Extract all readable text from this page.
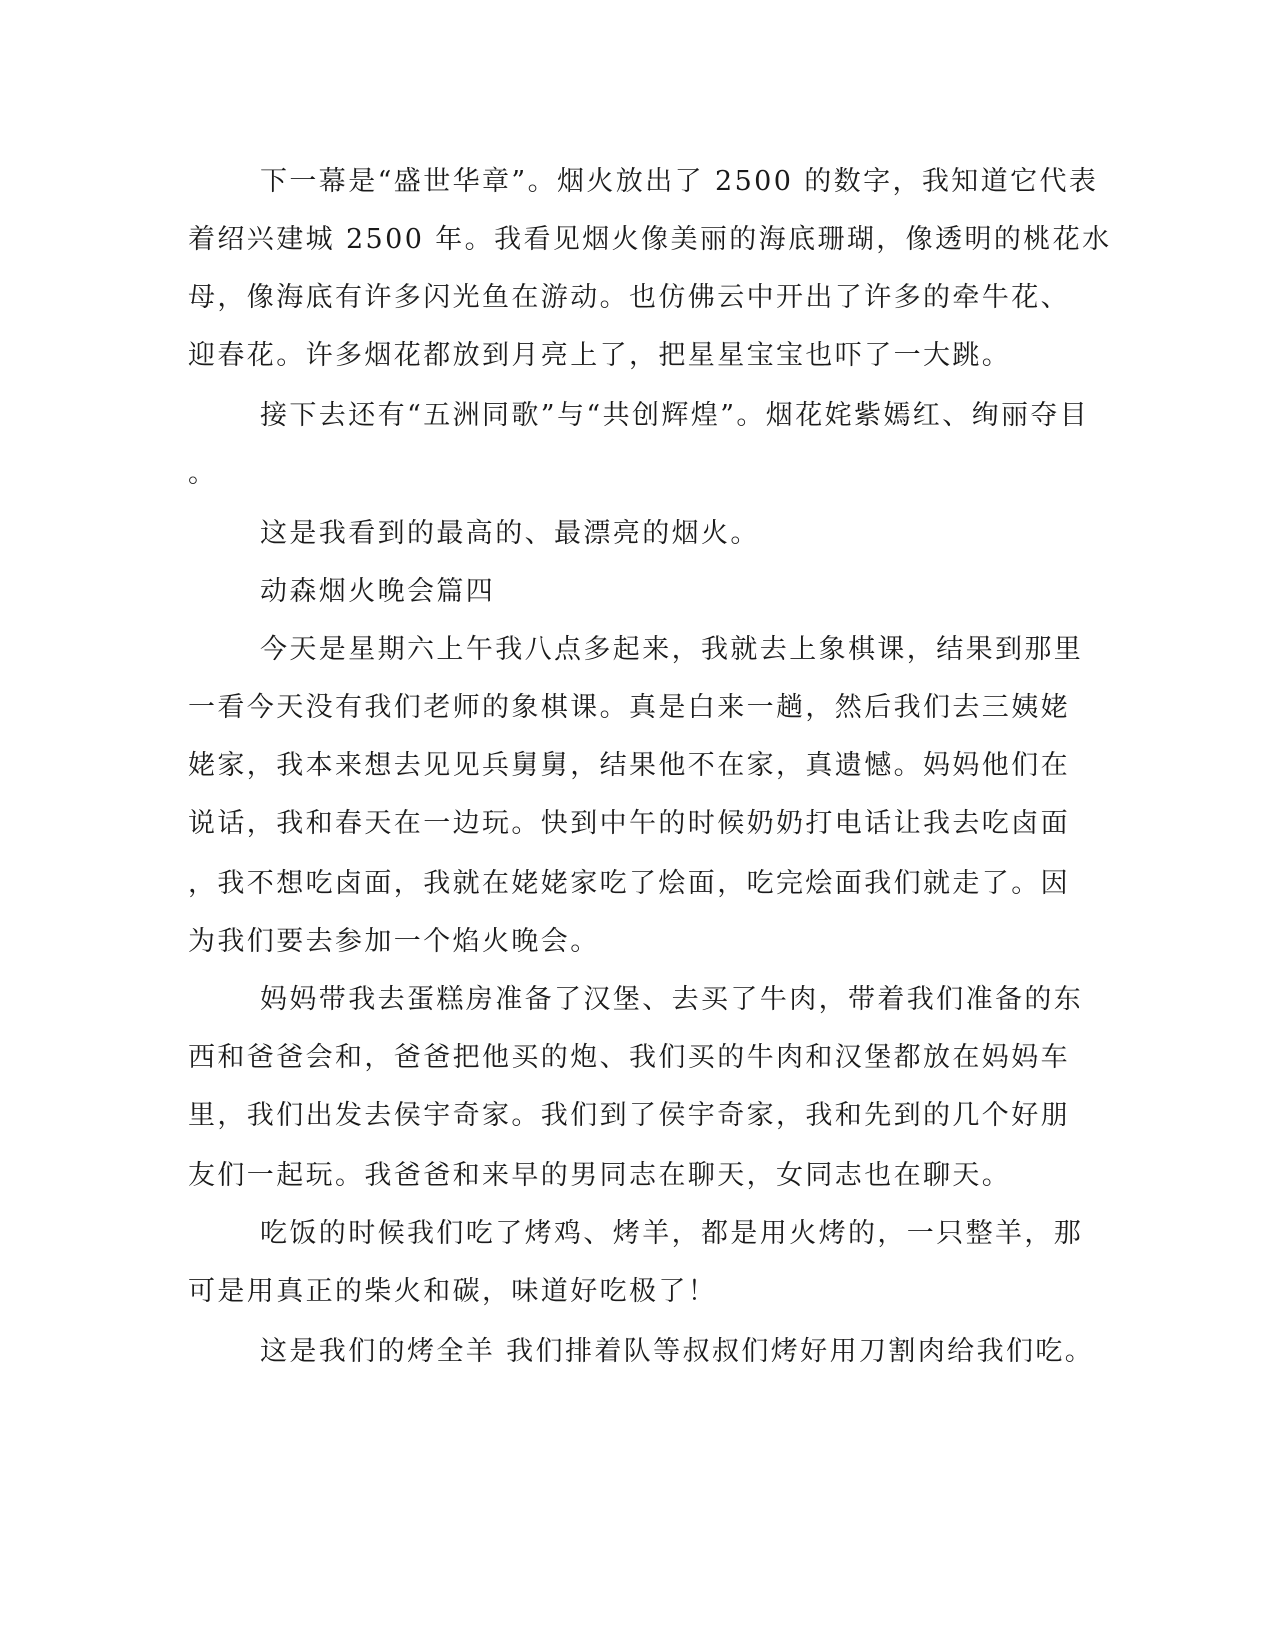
下一幕是“盛世华章”。烟火放出了 2500 的数字，我知道它代表
着绍兴建城 2500 年。我看见烟火像美丽的海底珊瑚，像透明的桃花水
母，像海底有许多闪光鱼在游动。也仿佛云中开出了许多的牵牛花、
迎春花。许多烟花都放到月亮上了，把星星宝宝也吓了一大跳。
接下去还有“五洲同歌”与“共创辉煌”。烟花姹紫嫣红、绚丽夺目
。
这是我看到的最高的、最漂亮的烟火。
动森烟火晚会篇四
今天是星期六上午我八点多起来，我就去上象棋课，结果到那里
一看今天没有我们老师的象棋课。真是白来一趟，然后我们去三姨姥
姥家，我本来想去见见兵舅舅，结果他不在家，真遗憾。妈妈他们在
说话，我和春天在一边玩。快到中午的时候奶奶打电话让我去吃卤面
，我不想吃卤面，我就在姥姥家吃了烩面，吃完烩面我们就走了。因
为我们要去参加一个焰火晚会。
妈妈带我去蛋糕房准备了汉堡、去买了牛肉，带着我们准备的东
西和爸爸会和，爸爸把他买的炮、我们买的牛肉和汉堡都放在妈妈车
里，我们出发去侯宇奇家。我们到了侯宇奇家，我和先到的几个好朋
友们一起玩。我爸爸和来早的男同志在聊天，女同志也在聊天。
吃饭的时候我们吃了烤鸡、烤羊，都是用火烤的，一只整羊，那
可是用真正的柴火和碳，味道好吃极了！
这是我们的烤全羊 我们排着队等叔叔们烤好用刀割肉给我们吃。
